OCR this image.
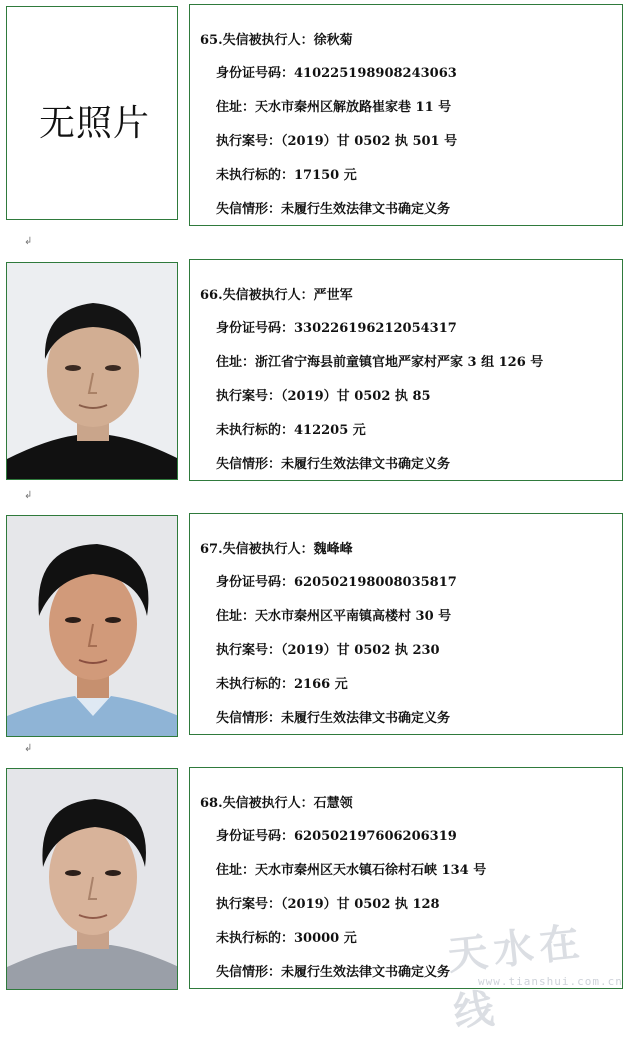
无照片
65.失信被执行人：徐秋菊
身份证号码：410225198908243063
住址：天水市秦州区解放路崔家巷 11 号
执行案号：（2019）甘 0502 执 501 号
未执行标的：17150 元
失信情形：未履行生效法律文书确定义务
↲
66.失信被执行人：严世军
身份证号码：330226196212054317
住址：浙江省宁海县前童镇官地严家村严家 3 组 126 号
执行案号：（2019）甘 0502 执 85
未执行标的：412205 元
失信情形：未履行生效法律文书确定义务
↲
67.失信被执行人：魏峰峰
身份证号码：620502198008035817
住址：天水市秦州区平南镇高楼村 30 号
执行案号：（2019）甘 0502 执 230
未执行标的：2166 元
失信情形：未履行生效法律文书确定义务
↲
68.失信被执行人：石慧领
身份证号码：620502197606206319
住址：天水市秦州区天水镇石徐村石峡 134 号
执行案号：（2019）甘 0502 执 128
未执行标的：30000 元
失信情形：未履行生效法律文书确定义务
天水在线
www.tianshui.com.cn
